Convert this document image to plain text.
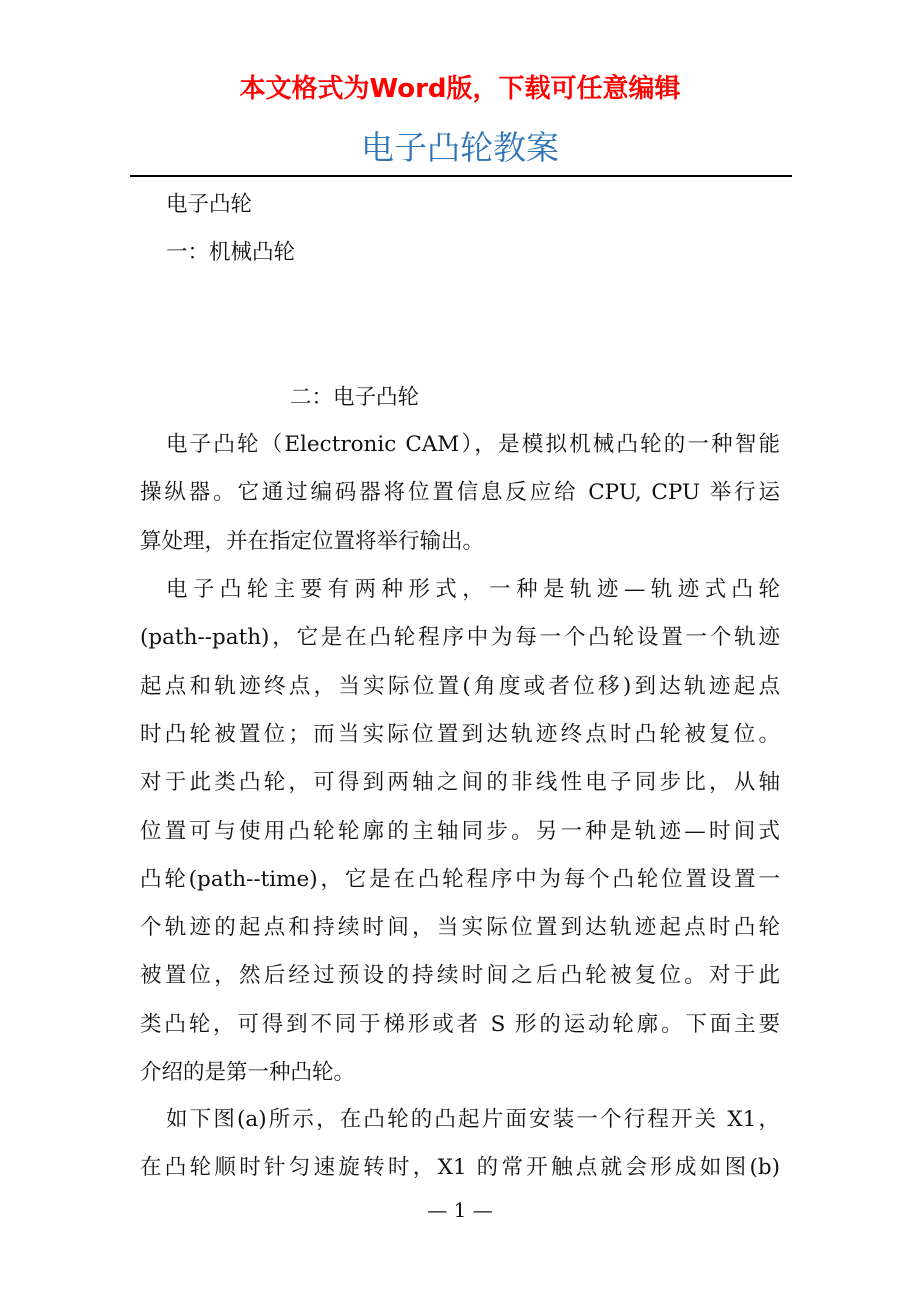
本文格式为Word版，下载可任意编辑
电子凸轮教案
电子凸轮
一：机械凸轮
二：电子凸轮
电子凸轮（Electronic CAM），是模拟机械凸轮的一种智能
操纵器。它通过编码器将位置信息反应给 CPU, CPU 举行运
算处理，并在指定位置将举行输出。
电子凸轮主要有两种形式，一种是轨迹—轨迹式凸轮
(path--path)，它是在凸轮程序中为每一个凸轮设置一个轨迹
起点和轨迹终点，当实际位置(角度或者位移)到达轨迹起点
时凸轮被置位；而当实际位置到达轨迹终点时凸轮被复位。
对于此类凸轮，可得到两轴之间的非线性电子同步比，从轴
位置可与使用凸轮轮廓的主轴同步。另一种是轨迹—时间式
凸轮(path--time)，它是在凸轮程序中为每个凸轮位置设置一
个轨迹的起点和持续时间，当实际位置到达轨迹起点时凸轮
被置位，然后经过预设的持续时间之后凸轮被复位。对于此
类凸轮，可得到不同于梯形或者 S 形的运动轮廓。下面主要
介绍的是第一种凸轮。
如下图(a)所示，在凸轮的凸起片面安装一个行程开关 X1，
在凸轮顺时针匀速旋转时，X1 的常开触点就会形成如图(b)
— 1 —
